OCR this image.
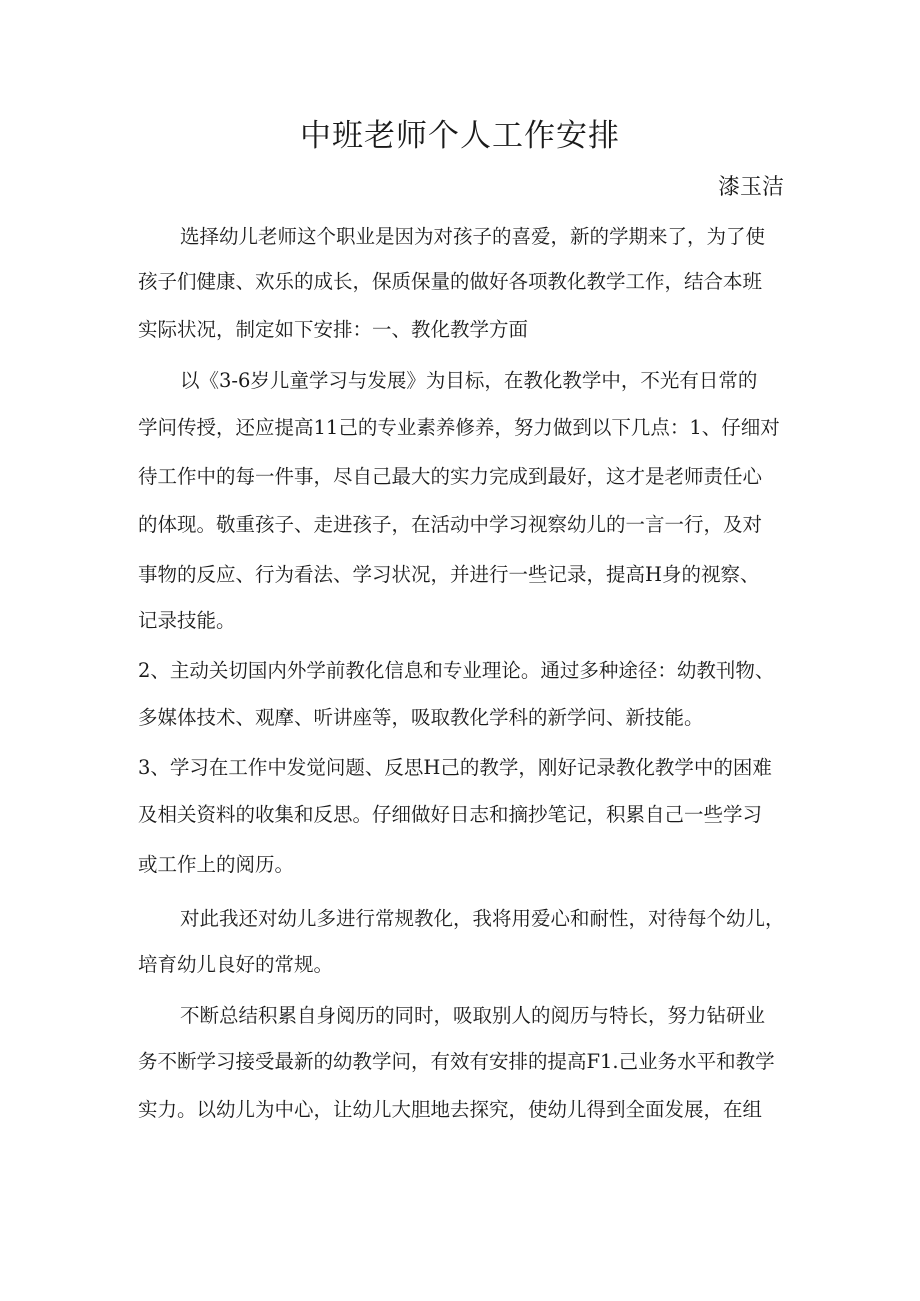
中班老师个人工作安排
漆玉洁
选择幼儿老师这个职业是因为对孩子的喜爱，新的学期来了，为了使
孩子们健康、欢乐的成长，保质保量的做好各项教化教学工作，结合本班
实际状况，制定如下安排：一、教化教学方面
以《3-6岁儿童学习与发展》为目标，在教化教学中，不光有日常的
学问传授，还应提高11己的专业素养修养，努力做到以下几点：1、仔细对
待工作中的每一件事，尽自己最大的实力完成到最好，这才是老师责任心
的体现。敬重孩子、走进孩子，在活动中学习视察幼儿的一言一行，及对
事物的反应、行为看法、学习状况，并进行一些记录，提高H身的视察、
记录技能。
2、主动关切国内外学前教化信息和专业理论。通过多种途径：幼教刊物、
多媒体技术、观摩、听讲座等，吸取教化学科的新学问、新技能。
3、学习在工作中发觉问题、反思H己的教学，刚好记录教化教学中的困难
及相关资料的收集和反思。仔细做好日志和摘抄笔记，积累自己一些学习
或工作上的阅历。
对此我还对幼儿多进行常规教化，我将用爱心和耐性，对待每个幼儿，
培育幼儿良好的常规。
不断总结积累自身阅历的同时，吸取别人的阅历与特长，努力钻研业
务不断学习接受最新的幼教学问，有效有安排的提高F1.己业务水平和教学
实力。以幼儿为中心，让幼儿大胆地去探究，使幼儿得到全面发展，在组
